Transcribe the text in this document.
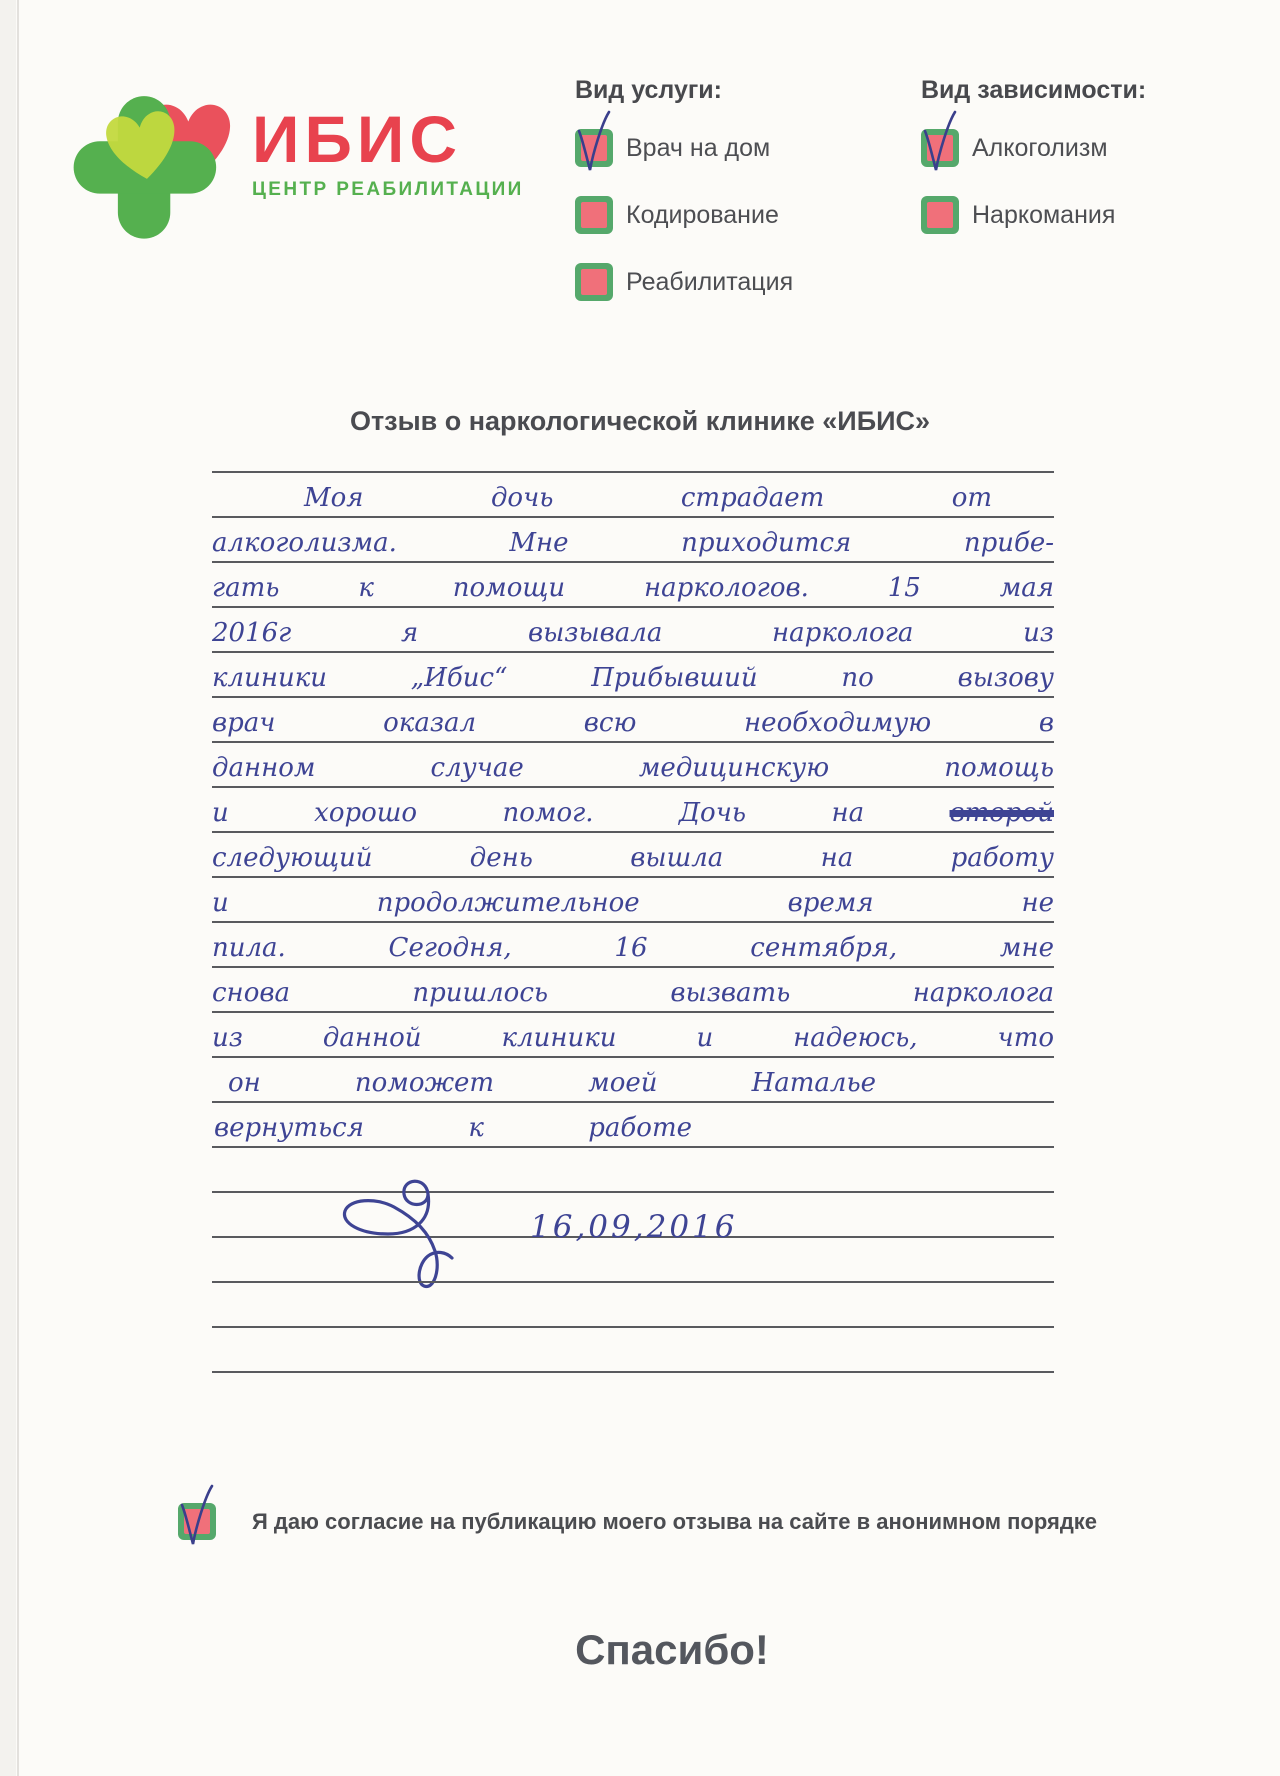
ИБИС
ЦЕНТР РЕАБИЛИТАЦИИ
Вид услуги:
Врач на дом
Кодирование
Реабилитация
Вид зависимости:
Алкоголизм
Наркомания
Отзыв о наркологической клинике «ИБИС»
Моя дочь страдает от
алкоголизма. Мне приходится прибе-
гать к помощи наркологов. 15 мая
2016г я вызывала нарколога из
клиники „Ибис“ Прибывший по вызову
врач оказал всю необходимую в
данном случае медицинскую помощь
и хорошо помог. Дочь на	второй
следующий день вышла на работу
и продолжительное время не
пила. Сегодня, 16 сентября, мне
снова пришлось вызвать нарколога
из данной клиники и надеюсь, что
он поможет моей Наталье
вернуться к работе
16,09,2016
Я даю согласие на публикацию моего отзыва на сайте в анонимном порядке
Спасибо!
